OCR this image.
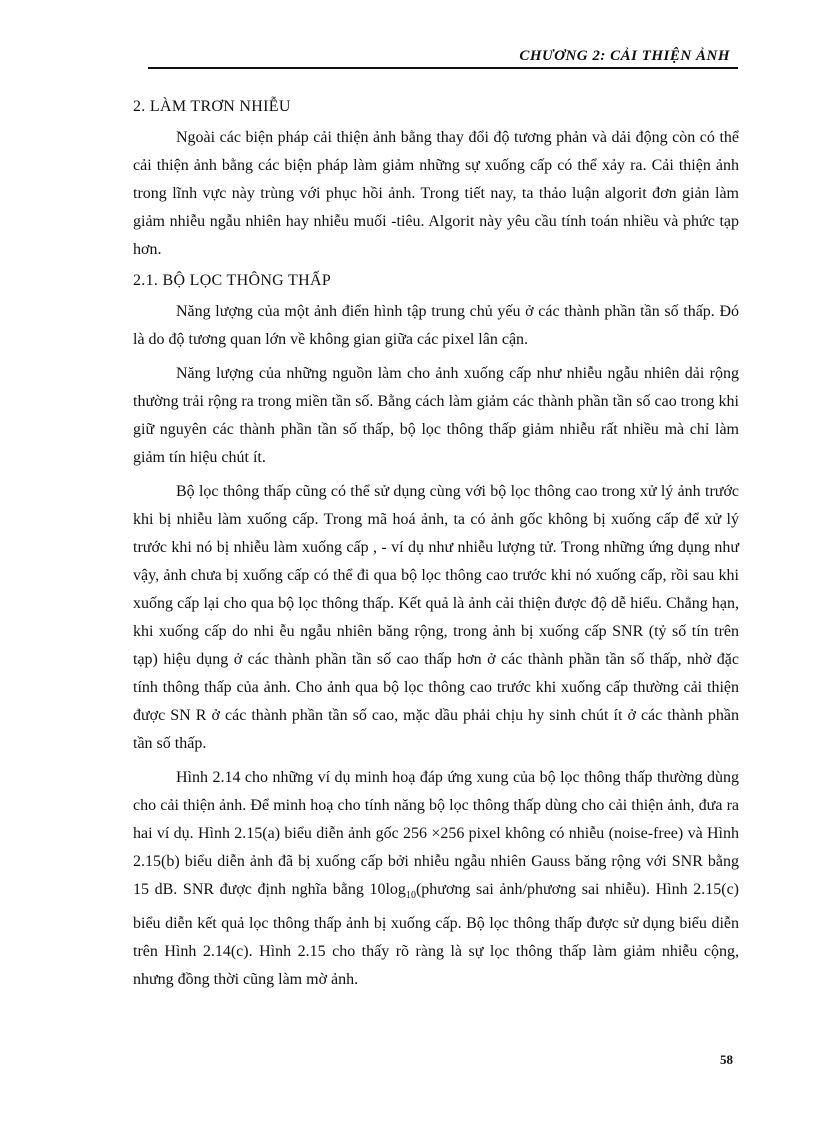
CHƯƠNG 2: CẢI THIỆN ẢNH
2. LÀM TRƠN NHIỄU

Ngoài các biện pháp cải thiện ảnh bằng thay đổi độ tương phản và dải động còn có thể cải thiện ảnh bằng các biện pháp làm giảm những sự xuống cấp có thể xảy ra. Cải thiện ảnh trong lĩnh vực này trùng với phục hồi ảnh. Trong tiết nay, ta thảo luận algorit đơn giản làm giảm nhiễu ngẫu nhiên hay nhiễu muối -tiêu. Algorit này yêu cầu tính toán nhiều và phức tạp hơn.

2.1. BỘ LỌC THÔNG THẤP

Năng lượng của một ảnh điển hình tập trung chủ yếu ở các thành phần tần số thấp. Đó là do độ tương quan lớn về không gian giữa các pixel lân cận.

Năng lượng của những nguồn làm cho ảnh xuống cấp như nhiễu ngẫu nhiên dải rộng thường trải rộng ra trong miền tần số. Bằng cách làm giảm các thành phần tần số cao trong khi giữ nguyên các thành phần tần số thấp, bộ lọc thông thấp giảm nhiễu rất nhiều mà chỉ làm giảm tín hiệu chút ít.

Bộ lọc thông thấp cũng có thể sử dụng cùng với bộ lọc thông cao trong xử lý ảnh trước khi bị nhiễu làm xuống cấp. Trong mã hoá ảnh, ta có ảnh gốc không bị xuống cấp để xử lý trước khi nó bị nhiễu làm xuống cấp , - ví dụ như nhiễu lượng tử. Trong những ứng dụng như vậy, ảnh chưa bị xuống cấp có thể đi qua bộ lọc thông cao trước khi nó xuống cấp, rồi sau khi xuống cấp lại cho qua bộ lọc thông thấp. Kết quả là ảnh cải thiện được độ dễ hiểu. Chẳng hạn, khi xuống cấp do nhi ễu ngẫu nhiên băng rộng, trong ảnh bị xuống cấp SNR (tỷ số tín trên tạp) hiệu dụng ở các thành phần tần số cao thấp hơn ở các thành phần tần số thấp, nhờ đặc tính thông thấp của ảnh. Cho ảnh qua bộ lọc thông cao trước khi xuống cấp thường cải thiện được SN R ở các thành phần tần số cao, mặc dầu phải chịu hy sinh chút ít ở các thành phần tần số thấp.

Hình 2.14 cho những ví dụ minh hoạ đáp ứng xung của bộ lọc thông thấp thường dùng cho cải thiện ảnh. Để minh hoạ cho tính năng bộ lọc thông thấp dùng cho cải thiện ảnh, đưa ra hai ví dụ. Hình 2.15(a) biểu diễn ảnh gốc 256 ×256 pixel không có nhiễu (noise-free) và Hình 2.15(b) biểu diễn ảnh đã bị xuống cấp bởi nhiễu ngẫu nhiên Gauss băng rộng với SNR bằng 15 dB. SNR được định nghĩa bằng $10\log_{10}(phương$ sai ảnh/phương sai nhiễu). Hình 2.15(c) biểu diễn kết quả lọc thông thấp ảnh bị xuống cấp. Bộ lọc thông thấp được sử dụng biểu diễn trên Hình 2.14(c). Hình 2.15 cho thấy rõ ràng là sự lọc thông thấp làm giảm nhiễu cộng, nhưng đồng thời cũng làm mờ ảnh.

58
